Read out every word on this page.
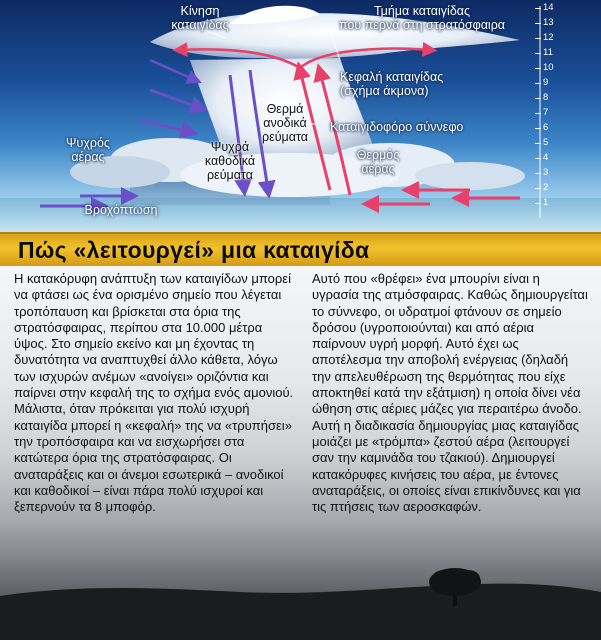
Κίνηση
καταιγίδας
Τμήμα καταιγίδας
που περνά στη στρατόσφαιρα
Κεφαλή καταιγίδας
(σχήμα άκμονα)
Θερμά
ανοδικά
ρεύματα
Καταιγιδοφόρο σύννεφο
Ψυχρός
αέρας
Ψυχρά
καθοδικά
ρεύματα
Θερμός
αέρας
Βροχόπτωση
14
13
12
11
10
9
8
7
6
5
4
3
2
1
Πώς «λειτουργεί» μια καταιγίδα
Η κατακόρυφη ανάπτυξη των καταιγίδων μπορεί να φτάσει ως ένα ορισμένο σημείο που λέγεται τροπόπαυση και βρίσκεται στα όρια της στρατόσφαιρας, περίπου στα 10.000 μέτρα ύψος. Στο σημείο εκείνο και μη έχοντας τη δυνατότητα να αναπτυχθεί άλλο κάθετα, λόγω των ισχυρών ανέμων «ανοίγει» οριζόντια και παίρνει στην κεφαλή της το σχήμα ενός αμονιού. Μάλιστα, όταν πρόκειται για πολύ ισχυρή καταιγίδα μπορεί η «κεφαλή» της να «τρυπήσει» την τροπόσφαιρα και να εισχωρήσει στα κατώτερα όρια της στρατόσφαιρας. Οι αναταράξεις και οι άνεμοι εσωτερικά – ανοδικοί και καθοδικοί – είναι πάρα πολύ ισχυροί και ξεπερνούν τα 8 μποφόρ.
Αυτό που «θρέφει» ένα μπουρίνι είναι η υγρασία της ατμόσφαιρας. Καθώς δημιουργείται το σύννεφο, οι υδρατμοί φτάνουν σε σημείο δρόσου (υγροποιούνται) και από αέρια παίρνουν υγρή μορφή. Αυτό έχει ως αποτέλεσμα την αποβολή ενέργειας (δηλαδή την απελευθέρωση της θερμότητας που είχε αποκτηθεί κατά την εξάτμιση) η οποία δίνει νέα ώθηση στις αέριες μάζες για περαιτέρω άνοδο. Αυτή η διαδικασία δημιουργίας μιας καταιγίδας μοιάζει με «τρόμπα» ζεστού αέρα (λειτουργεί σαν την καμινάδα του τζακιού). Δημιουργεί κατακόρυφες κινήσεις του αέρα, με έντονες αναταράξεις, οι οποίες είναι επικίνδυνες και για τις πτήσεις των αεροσκαφών.
